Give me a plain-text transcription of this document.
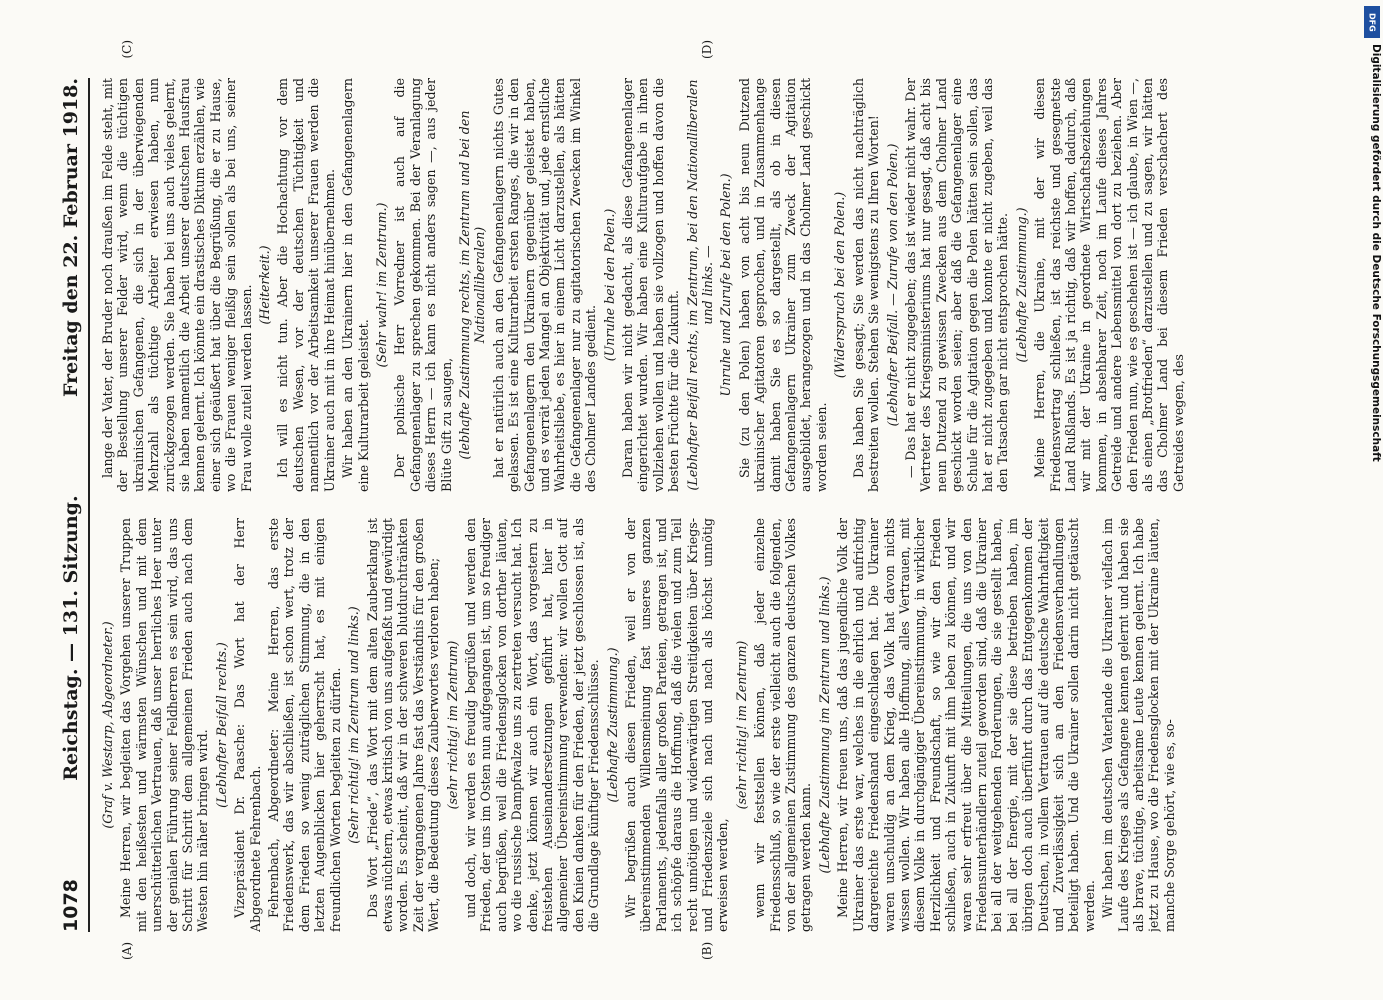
1078
Reichstag. — 131. Sitzung.
Freitag den 22. Februar 1918.
(A)	(B)
(C)	(D)

(Graf v. Westarp, Abgeordneter.) Meine Herren, wir begleiten das Vorgehen unserer Truppen mit den heißesten und wärmsten Wünschen und mit dem unerschütterlichen Vertrauen, daß unser herrliches Heer unter der genialen Führung seiner Feldherren es sein wird, das uns Schritt für Schritt dem allgemeinen Frieden auch nach dem Westen hin näher bringen wird.

(Lebhafter Beifall rechts.) Vizepräsident Dr. Paasche: Das Wort hat der Herr Abgeordnete Fehrenbach. Fehrenbach, Abgeordneter: Meine Herren, das erste Friedenswerk, das wir abschließen, ist schon wert, trotz der dem Frieden so wenig zuträglichen Stimmung, die in den letzten Augenblicken hier geherrscht hat, es mit einigen freundlichen Worten begleiten zu dürfen. (Sehr richtig! im Zentrum und links.) Das Wort „Friede“, das Wort mit dem alten Zauberklang ist etwas nüchtern, etwas kritisch von uns aufgefaßt und gewürdigt worden. Es scheint, daß wir in der schweren blutdurchtränkten Zeit der vergangenen Jahre fast das Verständnis für den großen Wert, die Bedeutung dieses Zauberwortes verloren haben; (sehr richtig! im Zentrum) und doch, wir werden es freudig begrüßen und werden den Frieden, der uns im Osten nun aufgegangen ist, um so freudiger auch begrüßen, weil die Friedensglocken von dorther läuten, wo die russische Dampfwalze uns zu zertreten versucht hat. Ich denke, jetzt können wir auch ein Wort, das vorgestern zu freistehen Auseinandersetzungen geführt hat, hier in allgemeiner Übereinstimmung verwenden: wir wollen Gott auf den Knien danken für den Frieden, der jetzt geschlossen ist, als die Grundlage künftiger Friedensschlüsse. (Lebhafte Zustimmung.) Wir begrüßen auch diesen Frieden, weil er von der übereinstimmenden Willensmeinung fast unseres ganzen Parlaments, jedenfalls aller großen Parteien, getragen ist, und ich schöpfe daraus die Hoffnung, daß die vielen und zum Teil recht unnötigen und widerwärtigen Streitigkeiten über Kriegs- und Friedensziele sich nach und nach als höchst unnötig erweisen werden,

(sehr richtig! im Zentrum) wenn wir feststellen können, daß jeder einzelne Friedensschluß, so wie der erste vielleicht auch die folgenden, von der allgemeinen Zustimmung des ganzen deutschen Volkes getragen werden kann. (Lebhafte Zustimmung im Zentrum und links.) Meine Herren, wir freuen uns, daß das jugendliche Volk der Ukrainer das erste war, welches in die ehrlich und aufrichtig dargereichte Friedenshand eingeschlagen hat. Die Ukrainer waren unschuldig an dem Krieg, das Volk hat davon nichts wissen wollen. Wir haben alle Hoffnung, alles Vertrauen, mit diesem Volke in durchgängiger Übereinstimmung, in wirklicher Herzlichkeit und Freundschaft, so wie wir den Frieden schließen, auch in Zukunft mit ihm leben zu können, und wir waren sehr erfreut über die Mitteilungen, die uns von den Friedensunterhändlern zuteil geworden sind, daß die Ukrainer bei all der weitgehenden Forderungen, die sie gestellt haben, bei all der Energie, mit der sie diese betrieben haben, im übrigen doch auch überführt durch das Entgegenkommen der Deutschen, in vollem Vertrauen auf die deutsche Wahrhaftigkeit und Zuverlässigkeit sich an den Friedensverhandlungen beteiligt haben. Und die Ukrainer sollen darin nicht getäuscht werden. Wir haben im deutschen Vaterlande die Ukrainer vielfach im Laufe des Krieges als Gefangene kennen gelernt und haben sie als brave, tüchtige, arbeitsame Leute kennen gelernt. Ich habe jetzt zu Hause, wo die Friedensglocken mit der Ukraine läuten, manche Sorge gehört, wie es, so-

lange der Vater, der Bruder noch draußen im Felde steht, mit der Bestellung unserer Felder wird, wenn die tüchtigen ukrainischen Gefangenen, die sich in der überwiegenden Mehrzahl als tüchtige Arbeiter erwiesen haben, nun zurückgezogen werden. Sie haben bei uns auch vieles gelernt, sie haben namentlich die Arbeit unserer deutschen Hausfrau kennen gelernt. Ich könnte ein drastisches Diktum erzählen, wie einer sich geäußert hat über die Begrüßung, die er zu Hause, wo die Frauen weniger fleißig sein sollen als bei uns, seiner Frau wolle zuteil werden lassen. (Heiterkeit.) Ich will es nicht tun. Aber die Hochachtung vor dem deutschen Wesen, vor der deutschen Tüchtigkeit und namentlich vor der Arbeitsamkeit unserer Frauen werden die Ukrainer auch mit in ihre Heimat hinübernehmen. Wir haben an den Ukrainern hier in den Gefangenenlagern eine Kulturarbeit geleistet.

(Sehr wahr! im Zentrum.) Der polnische Herr Vorredner ist auch auf die Gefangenenlager zu sprechen gekommen. Bei der Veranlagung dieses Herrn — ich kann es nicht anders sagen —, aus jeder Blüte Gift zu saugen, (lebhafte Zustimmung rechts, im Zentrum und bei den Nationalliberalen) hat er natürlich auch an den Gefangenenlagern nichts Gutes gelassen. Es ist eine Kulturarbeit ersten Ranges, die wir in den Gefangenenlagern den Ukrainern gegenüber geleistet haben, und es verrät jeden Mangel an Objektivität und, jede ernstliche Wahrheitsliebe, es hier in einem Licht darzustellen, als hätten die Gefangenenlager nur zu agitatorischen Zwecken im Winkel des Cholmer Landes gedient.

(Unruhe bei den Polen.) Daran haben wir nicht gedacht, als diese Gefangenenlager eingerichtet wurden. Wir haben eine Kulturaufgabe in ihnen vollziehen wollen und haben sie vollzogen und hoffen davon die besten Früchte für die Zukunft. (Lebhafter Beifall rechts, im Zentrum, bei den Nationalliberalen und links. — Unruhe und Zurufe bei den Polen.) Sie (zu den Polen) haben von acht bis neun Dutzend ukrainischer Agitatoren gesprochen, und in Zusammenhange damit haben Sie es so dargestellt, als ob in diesen Gefangenenlagern Ukrainer zum Zweck der Agitation ausgebildet, herangezogen und in das Cholmer Land geschickt worden seien.

(Widerspruch bei den Polen.) Das haben Sie gesagt; Sie werden das nicht nachträglich bestreiten wollen. Stehen Sie wenigstens zu Ihren Worten! (Lebhafter Beifall. — Zurufe von den Polen.) — Das hat er nicht zugegeben; das ist wieder nicht wahr. Der Vertreter des Kriegsministeriums hat nur gesagt, daß acht bis neun Dutzend zu gewissen Zwecken aus dem Cholmer Land geschickt worden seien; aber daß die Gefangenenlager eine Schule für die Agitation gegen die Polen hätten sein sollen, das hat er nicht zugegeben und konnte er nicht zugeben, weil das den Tatsachen gar nicht entsprochen hätte. (Lebhafte Zustimmung.) Meine Herren, die Ukraine, mit der wir diesen Friedensvertrag schließen, ist das reichste und gesegnetste Land Rußlands. Es ist ja richtig, daß wir hoffen, dadurch, daß wir mit der Ukraine in geordnete Wirtschaftsbeziehungen kommen, in absehbarer Zeit, noch im Laufe dieses Jahres Getreide und andere Lebensmittel von dort zu beziehen. Aber den Frieden nun, wie es geschehen ist — ich glaube, in Wien —, als einen „Brotfrieden“ darzustellen und zu sagen, wir hätten das Cholmer Land bei diesem Frieden verschachert des Getreides wegen, des

DFG
Digitalisierung gefördert durch die Deutsche Forschungsgemeinschaft
